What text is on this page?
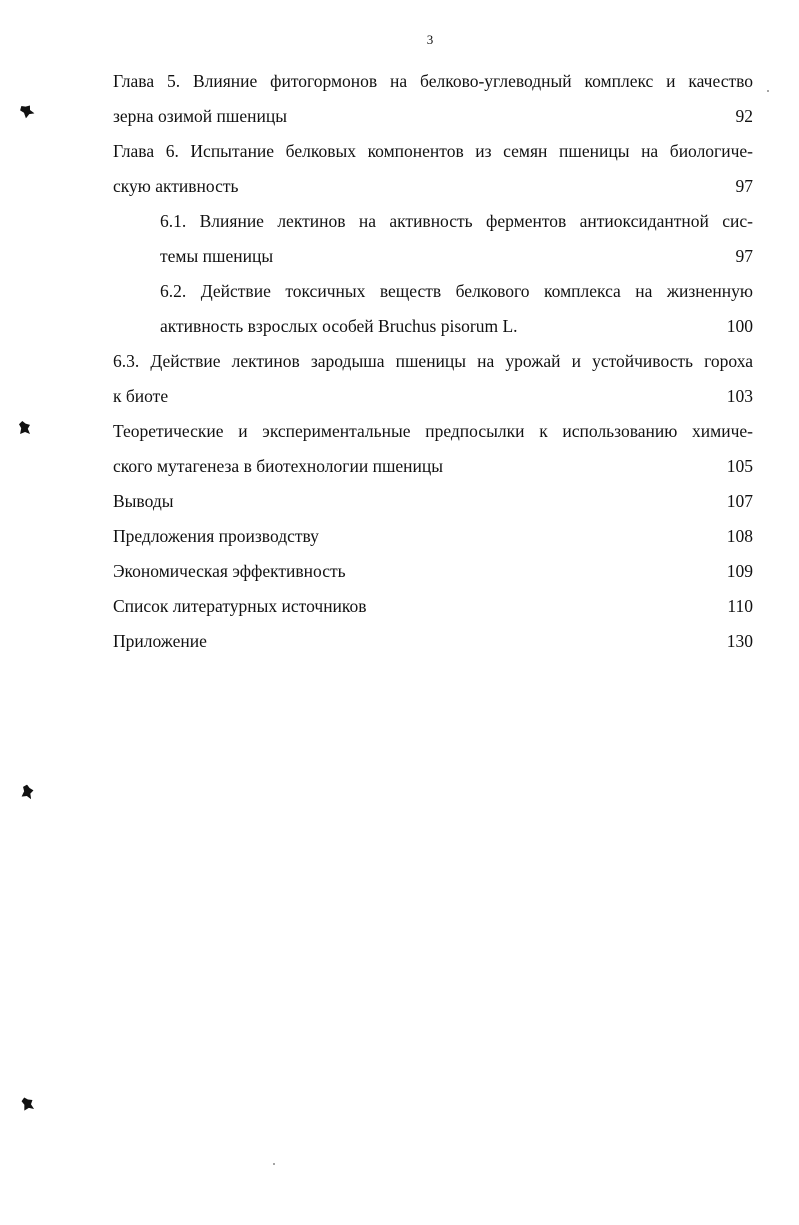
3
Глава 5. Влияние фитогормонов на белково-углеводный комплекс и качество
зерна озимой пшеницы	92
Глава 6. Испытание белковых компонентов из семян пшеницы на биологиче-
скую активность	97
6.1. Влияние лектинов на активность ферментов антиоксидантной сис-
темы пшеницы	97
6.2. Действие токсичных веществ белкового комплекса на жизненную
активность взрослых особей Bruchus pisorum L.	100
6.3. Действие лектинов зародыша пшеницы на урожай и устойчивость гороха
к биоте	103
Теоретические и экспериментальные предпосылки к использованию химиче-
ского мутагенеза в биотехнологии пшеницы	105
Выводы	107
Предложения производству	108
Экономическая эффективность	109
Список литературных источников	110
Приложение	130
